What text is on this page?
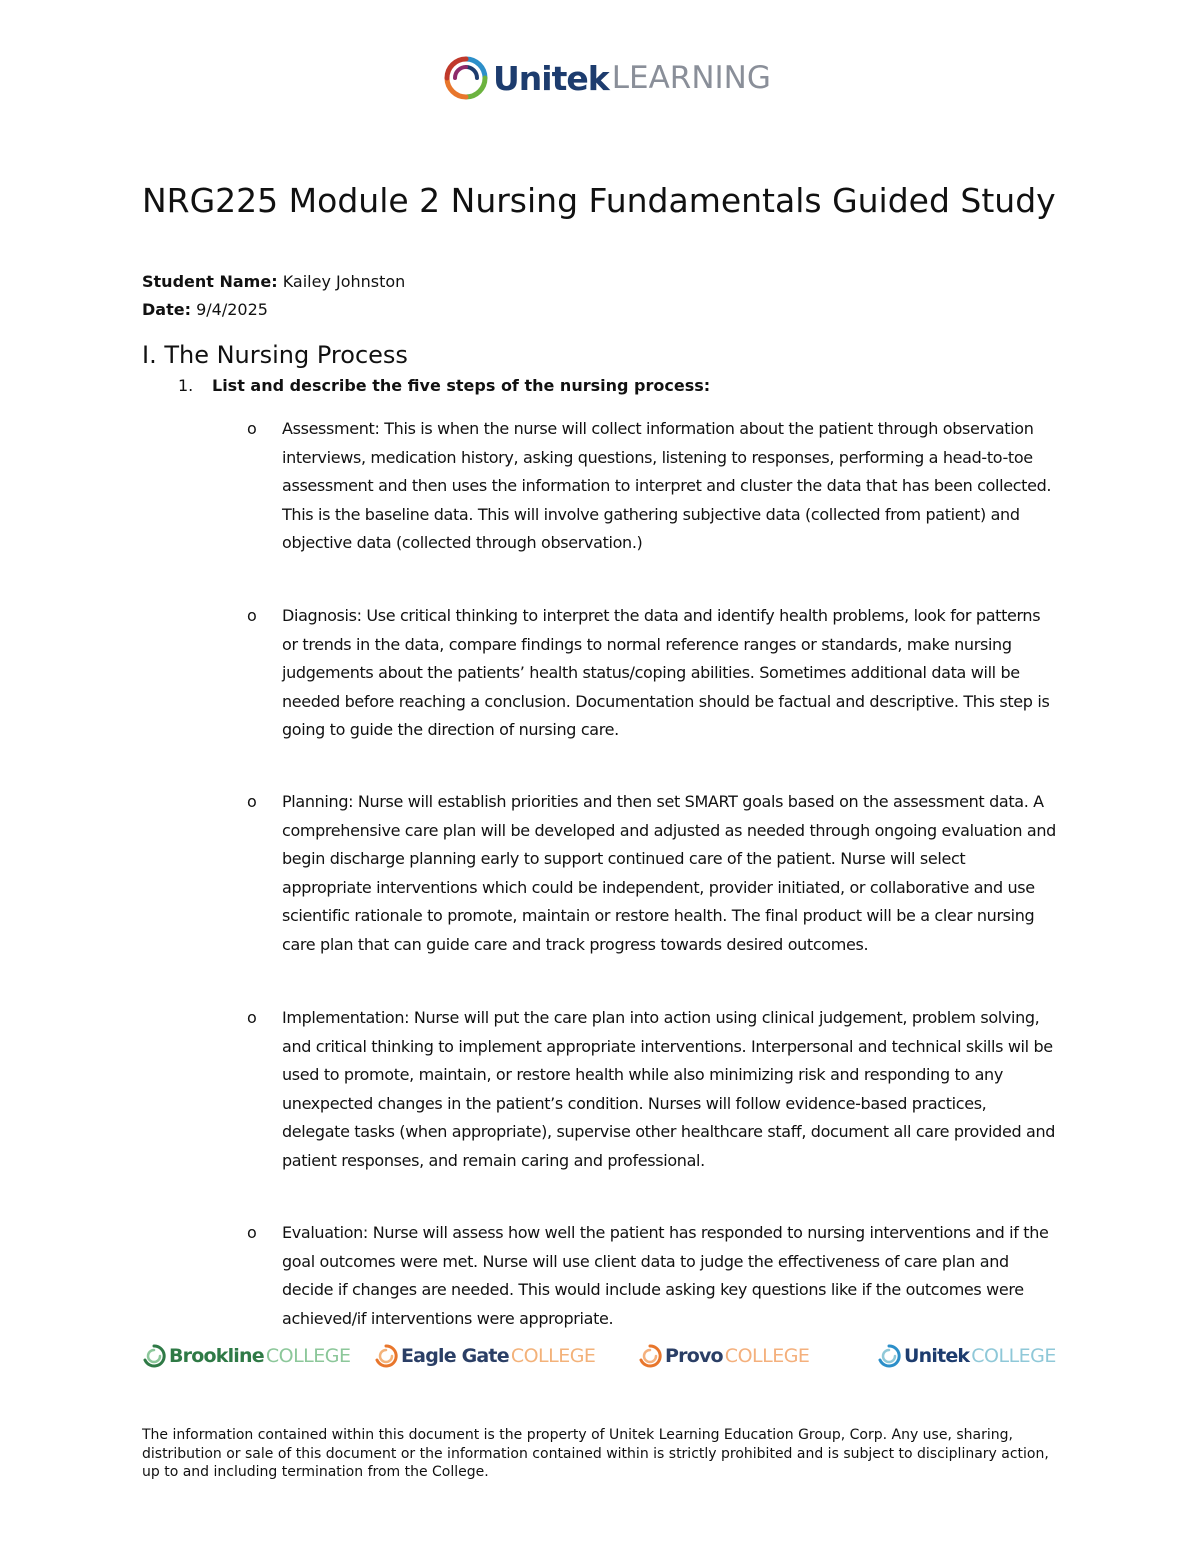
Unitek LEARNING
NRG225 Module 2 Nursing Fundamentals Guided Study
Student Name: Kailey Johnston
Date: 9/4/2025
I. The Nursing Process
1. List and describe the five steps of the nursing process:
o Assessment: This is when the nurse will collect information about the patient through observation interviews, medication history, asking questions, listening to responses, performing a head-to-toe assessment and then uses the information to interpret and cluster the data that has been collected. This is the baseline data. This will involve gathering subjective data (collected from patient) and objective data (collected through observation.)
o Diagnosis: Use critical thinking to interpret the data and identify health problems, look for patterns or trends in the data, compare findings to normal reference ranges or standards, make nursing judgements about the patients’ health status/coping abilities. Sometimes additional data will be needed before reaching a conclusion. Documentation should be factual and descriptive. This step is going to guide the direction of nursing care.
o Planning: Nurse will establish priorities and then set SMART goals based on the assessment data. A comprehensive care plan will be developed and adjusted as needed through ongoing evaluation and begin discharge planning early to support continued care of the patient. Nurse will select appropriate interventions which could be independent, provider initiated, or collaborative and use scientific rationale to promote, maintain or restore health. The final product will be a clear nursing care plan that can guide care and track progress towards desired outcomes.
o Implementation: Nurse will put the care plan into action using clinical judgement, problem solving, and critical thinking to implement appropriate interventions. Interpersonal and technical skills wil be used to promote, maintain, or restore health while also minimizing risk and responding to any unexpected changes in the patient’s condition. Nurses will follow evidence-based practices, delegate tasks (when appropriate), supervise other healthcare staff, document all care provided and patient responses, and remain caring and professional.
o Evaluation: Nurse will assess how well the patient has responded to nursing interventions and if the goal outcomes were met. Nurse will use client data to judge the effectiveness of care plan and decide if changes are needed. This would include asking key questions like if the outcomes were achieved/if interventions were appropriate.
Brookline COLLEGE	Eagle Gate COLLEGE	Provo COLLEGE	Unitek COLLEGE
The information contained within this document is the property of Unitek Learning Education Group, Corp. Any use, sharing, distribution or sale of this document or the information contained within is strictly prohibited and is subject to disciplinary action, up to and including termination from the College.
